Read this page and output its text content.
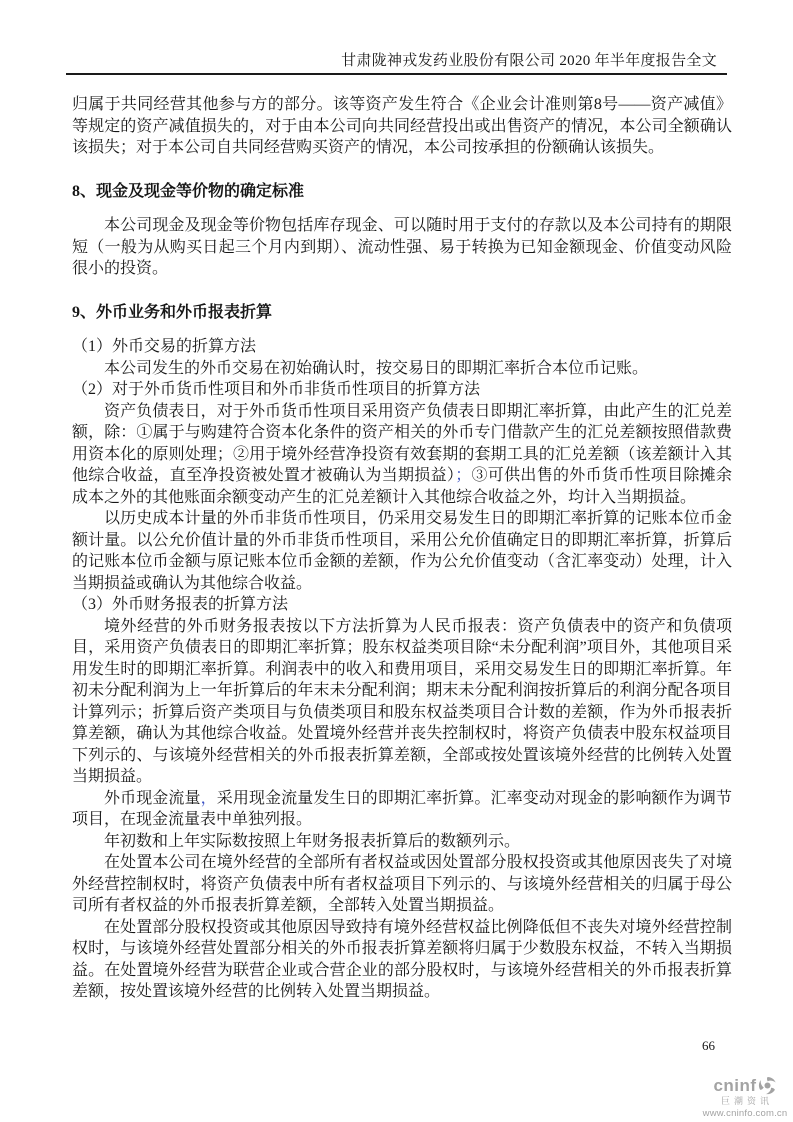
甘肃陇神戎发药业股份有限公司 2020 年半年度报告全文

归属于共同经营其他参与方的部分。该等资产发生符合《企业会计准则第8号——资产减值》等规定的资产减值损失的，对于由本公司向共同经营投出或出售资产的情况，本公司全额确认该损失；对于本公司自共同经营购买资产的情况，本公司按承担的份额确认该损失。

8、现金及现金等价物的确定标准

本公司现金及现金等价物包括库存现金、可以随时用于支付的存款以及本公司持有的期限短（一般为从购买日起三个月内到期）、流动性强、易于转换为已知金额现金、价值变动风险很小的投资。

9、外币业务和外币报表折算

（1）外币交易的折算方法

本公司发生的外币交易在初始确认时，按交易日的即期汇率折合本位币记账。

（2）对于外币货币性项目和外币非货币性项目的折算方法

资产负债表日，对于外币货币性项目采用资产负债表日即期汇率折算，由此产生的汇兑差额，除：①属于与购建符合资本化条件的资产相关的外币专门借款产生的汇兑差额按照借款费用资本化的原则处理；②用于境外经营净投资有效套期的套期工具的汇兑差额（该差额计入其他综合收益，直至净投资被处置才被确认为当期损益）；③可供出售的外币货币性项目除摊余成本之外的其他账面余额变动产生的汇兑差额计入其他综合收益之外，均计入当期损益。

以历史成本计量的外币非货币性项目，仍采用交易发生日的即期汇率折算的记账本位币金额计量。以公允价值计量的外币非货币性项目，采用公允价值确定日的即期汇率折算，折算后的记账本位币金额与原记账本位币金额的差额，作为公允价值变动（含汇率变动）处理，计入当期损益或确认为其他综合收益。

（3）外币财务报表的折算方法

境外经营的外币财务报表按以下方法折算为人民币报表：资产负债表中的资产和负债项目，采用资产负债表日的即期汇率折算；股东权益类项目除“未分配利润”项目外，其他项目采用发生时的即期汇率折算。利润表中的收入和费用项目，采用交易发生日的即期汇率折算。年初未分配利润为上一年折算后的年末未分配利润；期末未分配利润按折算后的利润分配各项目计算列示；折算后资产类项目与负债类项目和股东权益类项目合计数的差额，作为外币报表折算差额，确认为其他综合收益。处置境外经营并丧失控制权时，将资产负债表中股东权益项目下列示的、与该境外经营相关的外币报表折算差额，全部或按处置该境外经营的比例转入处置当期损益。

外币现金流量，采用现金流量发生日的即期汇率折算。汇率变动对现金的影响额作为调节项目，在现金流量表中单独列报。

年初数和上年实际数按照上年财务报表折算后的数额列示。

在处置本公司在境外经营的全部所有者权益或因处置部分股权投资或其他原因丧失了对境外经营控制权时，将资产负债表中所有者权益项目下列示的、与该境外经营相关的归属于母公司所有者权益的外币报表折算差额，全部转入处置当期损益。

在处置部分股权投资或其他原因导致持有境外经营权益比例降低但不丧失对境外经营控制权时，与该境外经营处置部分相关的外币报表折算差额将归属于少数股东权益，不转入当期损益。在处置境外经营为联营企业或合营企业的部分股权时，与该境外经营相关的外币报表折算差额，按处置该境外经营的比例转入处置当期损益。

66
cninf
巨潮资讯
www.cninfo.com.cn
